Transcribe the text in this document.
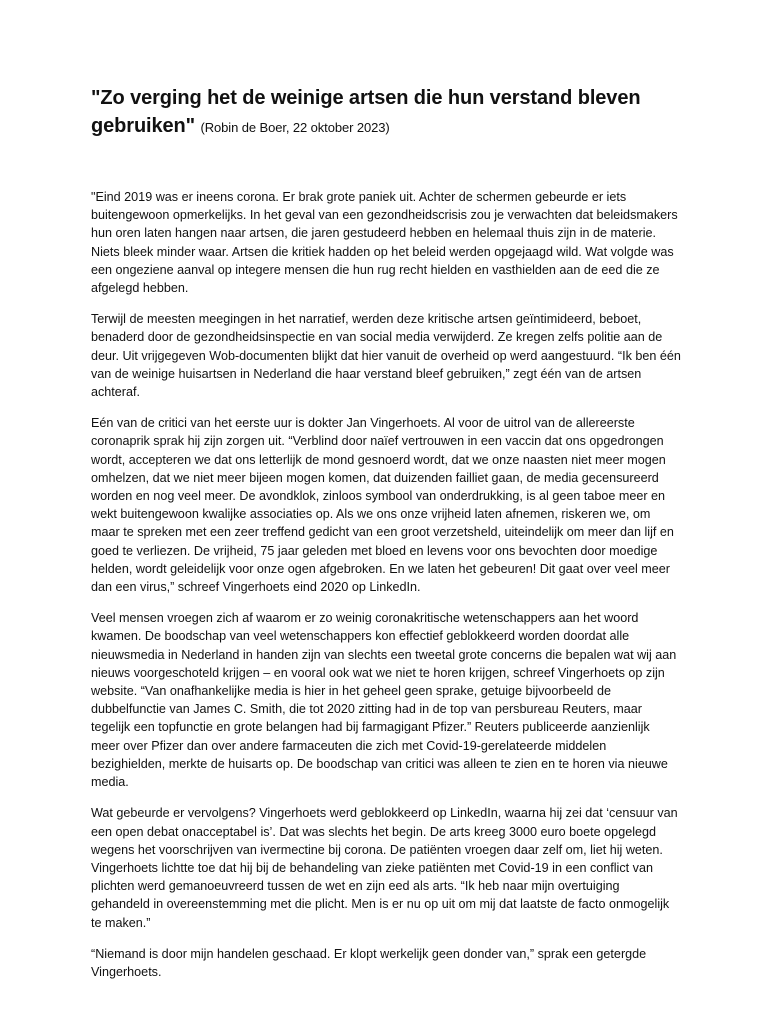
"Zo verging het de weinige artsen die hun verstand bleven gebruiken" (Robin de Boer, 22 oktober 2023)

"Eind 2019 was er ineens corona. Er brak grote paniek uit. Achter de schermen gebeurde er iets buitengewoon opmerkelijks. In het geval van een gezondheidscrisis zou je verwachten dat beleidsmakers hun oren laten hangen naar artsen, die jaren gestudeerd hebben en helemaal thuis zijn in de materie. Niets bleek minder waar. Artsen die kritiek hadden op het beleid werden opgejaagd wild. Wat volgde was een ongeziene aanval op integere mensen die hun rug recht hielden en vasthielden aan de eed die ze afgelegd hebben.

Terwijl de meesten meegingen in het narratief, werden deze kritische artsen geïntimideerd, beboet, benaderd door de gezondheidsinspectie en van social media verwijderd. Ze kregen zelfs politie aan de deur. Uit vrijgegeven Wob-documenten blijkt dat hier vanuit de overheid op werd aangestuurd. “Ik ben één van de weinige huisartsen in Nederland die haar verstand bleef gebruiken,” zegt één van de artsen achteraf.

Eén van de critici van het eerste uur is dokter Jan Vingerhoets. Al voor de uitrol van de allereerste coronaprik sprak hij zijn zorgen uit. “Verblind door naïef vertrouwen in een vaccin dat ons opgedrongen wordt, accepteren we dat ons letterlijk de mond gesnoerd wordt, dat we onze naasten niet meer mogen omhelzen, dat we niet meer bijeen mogen komen, dat duizenden failliet gaan, de media gecensureerd worden en nog veel meer. De avondklok, zinloos symbool van onderdrukking, is al geen taboe meer en wekt buitengewoon kwalijke associaties op. Als we ons onze vrijheid laten afnemen, riskeren we, om maar te spreken met een zeer treffend gedicht van een groot verzetsheld, uiteindelijk om meer dan lijf en goed te verliezen. De vrijheid, 75 jaar geleden met bloed en levens voor ons bevochten door moedige helden, wordt geleidelijk voor onze ogen afgebroken. En we laten het gebeuren! Dit gaat over veel meer dan een virus,” schreef Vingerhoets eind 2020 op LinkedIn.

Veel mensen vroegen zich af waarom er zo weinig coronakritische wetenschappers aan het woord kwamen. De boodschap van veel wetenschappers kon effectief geblokkeerd worden doordat alle nieuwsmedia in Nederland in handen zijn van slechts een tweetal grote concerns die bepalen wat wij aan nieuws voorgeschoteld krijgen – en vooral ook wat we niet te horen krijgen, schreef Vingerhoets op zijn website. “Van onafhankelijke media is hier in het geheel geen sprake, getuige bijvoorbeeld de dubbelfunctie van James C. Smith, die tot 2020 zitting had in de top van persbureau Reuters, maar tegelijk een topfunctie en grote belangen had bij farmagigant Pfizer.” Reuters publiceerde aanzienlijk meer over Pfizer dan over andere farmaceuten die zich met Covid-19-gerelateerde middelen bezighielden, merkte de huisarts op. De boodschap van critici was alleen te zien en te horen via nieuwe media.

Wat gebeurde er vervolgens? Vingerhoets werd geblokkeerd op LinkedIn, waarna hij zei dat ‘censuur van een open debat onacceptabel is’. Dat was slechts het begin. De arts kreeg 3000 euro boete opgelegd wegens het voorschrijven van ivermectine bij corona. De patiënten vroegen daar zelf om, liet hij weten. Vingerhoets lichtte toe dat hij bij de behandeling van zieke patiënten met Covid-19 in een conflict van plichten werd gemanoeuvreerd tussen de wet en zijn eed als arts. “Ik heb naar mijn overtuiging gehandeld in overeenstemming met die plicht. Men is er nu op uit om mij dat laatste de facto onmogelijk te maken.”

“Niemand is door mijn handelen geschaad. Er klopt werkelijk geen donder van,” sprak een getergde Vingerhoets.
